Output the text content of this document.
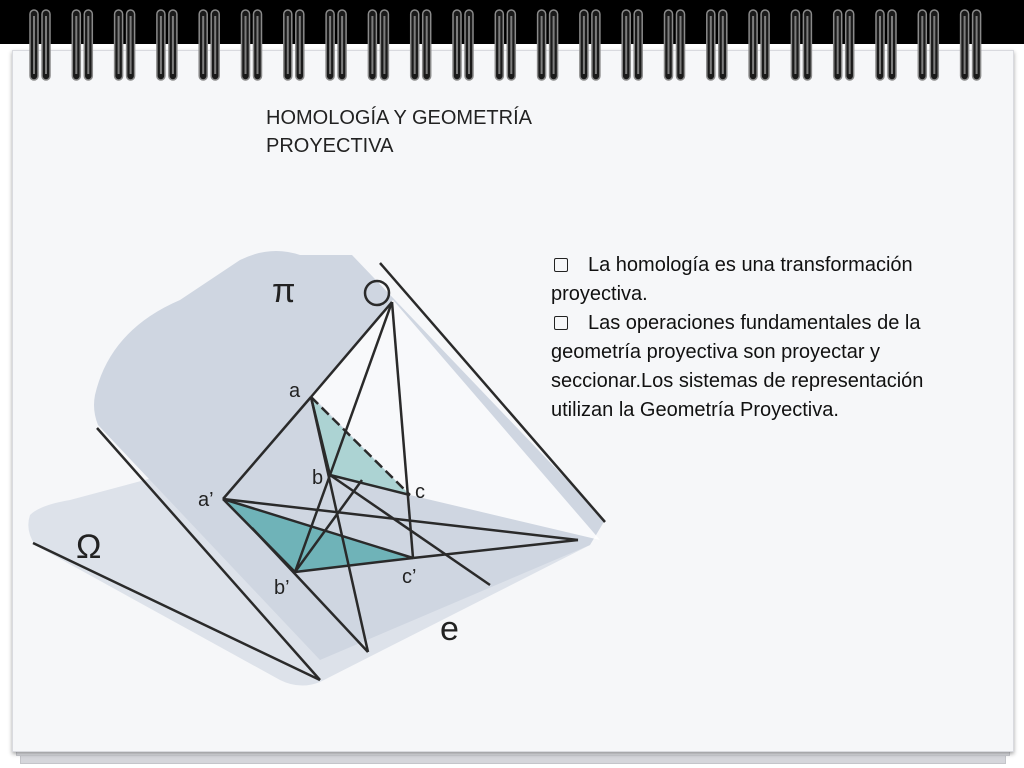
HOMOLOGÍA Y GEOMETRÍA PROYECTIVA
La homología es una transformación proyectiva.
Las operaciones fundamentales de la geometría proyectiva son proyectar y seccionar.Los sistemas de representación utilizan la Geometría Proyectiva.
π
Ω
a
b
c
a’
b’	c’
e
